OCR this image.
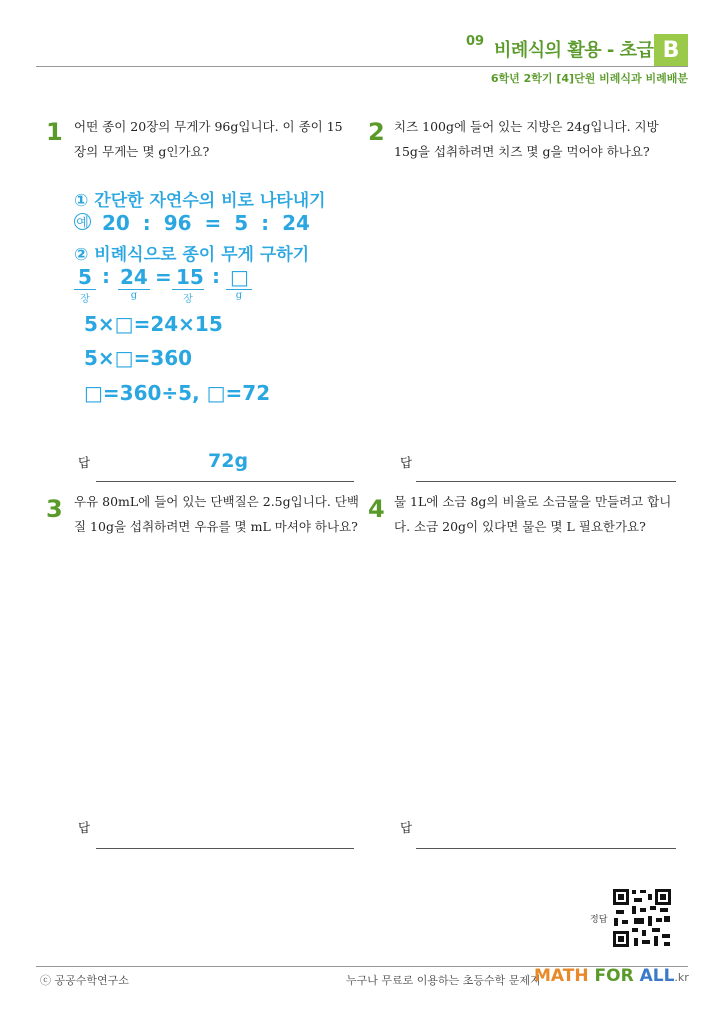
09 비례식의 활용 - 초급 B
6학년 2학기 [4]단원 비례식과 비례배분
1 어떤 종이 20장의 무게가 96g입니다. 이 종이 15
장의 무게는 몇 g인가요?
① 간단한 자연수의 비로 나타내기
예 20 : 96 = 5 : 24
② 비례식으로 종이 무게 구하기
5
장
: 24
g
= 15
장
: □
g
5×□=24×15
5×□=360
□=360÷5, □=72
답	72g
2 치즈 100g에 들어 있는 지방은 24g입니다. 지방
15g을 섭취하려면 치즈 몇 g을 먹어야 하나요?
답
3 우유 80mL에 들어 있는 단백질은 2.5g입니다. 단백
질 10g을 섭취하려면 우유를 몇 mL 마셔야 하나요?
답
4 물 1L에 소금 8g의 비율로 소금물을 만들려고 합니
다. 소금 20g이 있다면 물은 몇 L 필요한가요?
답
정답
ⓒ 공공수학연구소	누구나 무료로 이용하는 초등수학 문제지
MATH FOR ALL.kr
